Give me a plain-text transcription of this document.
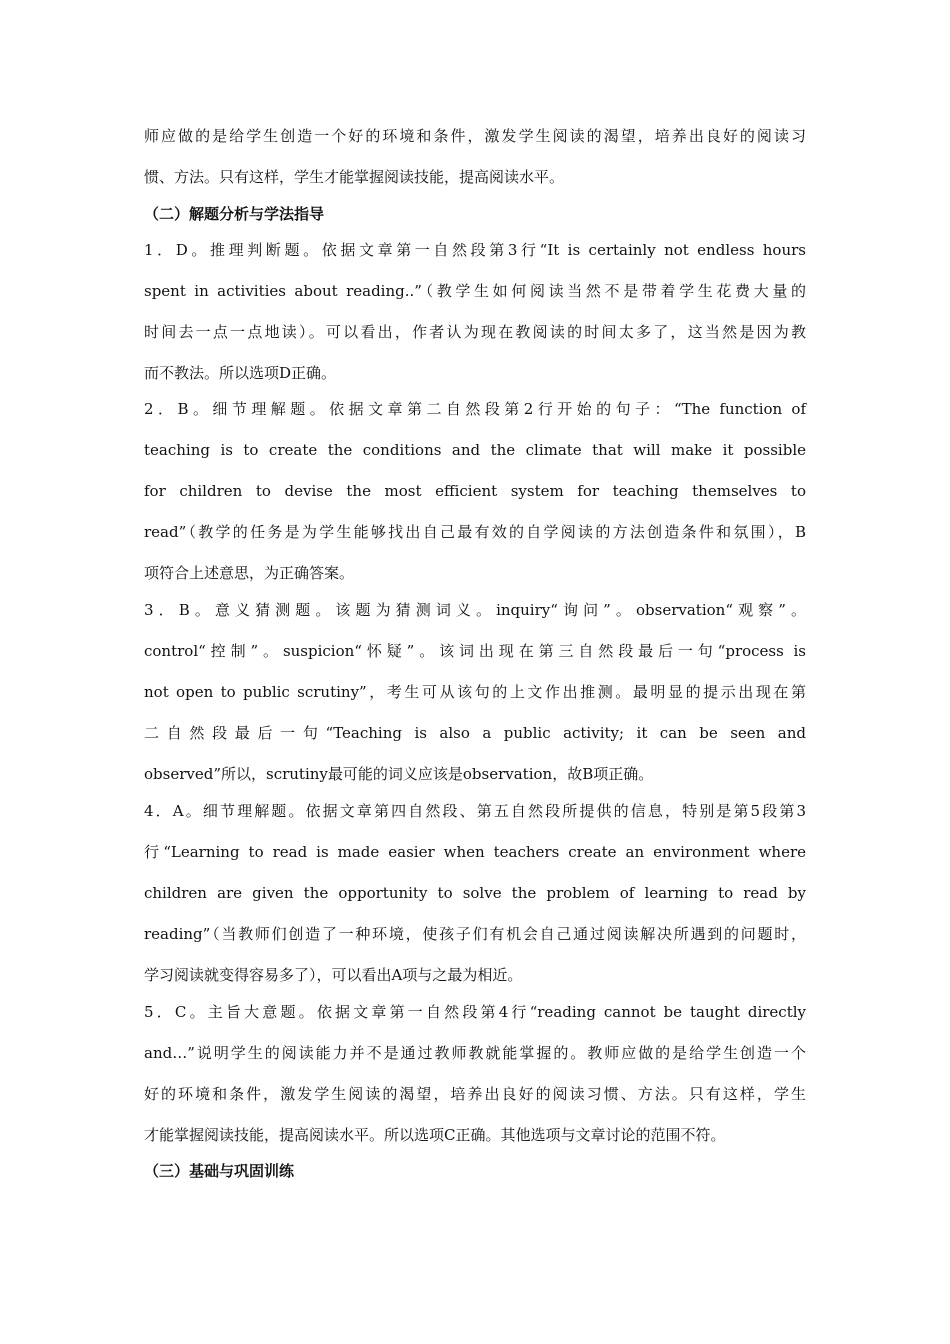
师应做的是给学生创造一个好的环境和条件，激发学生阅读的渴望，培养出良好的阅读习
惯、方法。只有这样，学生才能掌握阅读技能，提高阅读水平。
（二）解题分析与学法指导
1．D。推理判断题。依据文章第一自然段第3行“It is certainly not endless hours
spent in activities about reading..”（教学生如何阅读当然不是带着学生花费大量的
时间去一点一点地读）。可以看出，作者认为现在教阅读的时间太多了，这当然是因为教
而不教法。所以选项D正确。
2．B。细节理解题。依据文章第二自然段第2行开始的句子：“The function of
teaching is to create the conditions and the climate that will make it possible
for children to devise the most efficient system for teaching themselves to
read”（教学的任务是为学生能够找出自己最有效的自学阅读的方法创造条件和氛围），B
项符合上述意思，为正确答案。
3．B。意义猜测题。该题为猜测词义。inquiry“询问”。observation“观察”。
control“控制”。suspicion“怀疑”。该词出现在第三自然段最后一句“process is
not open to public scrutiny”，考生可从该句的上文作出推测。最明显的提示出现在第
二自然段最后一句“Teaching is also a public activity; it can be seen and
observed”所以，scrutiny最可能的词义应该是observation，故B项正确。
4．A。细节理解题。依据文章第四自然段、第五自然段所提供的信息，特别是第5段第3
行“Learning to read is made easier when teachers create an environment where
children are given the opportunity to solve the problem of learning to read by
reading”（当教师们创造了一种环境，使孩子们有机会自己通过阅读解决所遇到的问题时，
学习阅读就变得容易多了），可以看出A项与之最为相近。
5．C。主旨大意题。依据文章第一自然段第4行“reading cannot be taught directly
and…”说明学生的阅读能力并不是通过教师教就能掌握的。教师应做的是给学生创造一个
好的环境和条件，激发学生阅读的渴望，培养出良好的阅读习惯、方法。只有这样，学生
才能掌握阅读技能，提高阅读水平。所以选项C正确。其他选项与文章讨论的范围不符。
（三）基础与巩固训练
